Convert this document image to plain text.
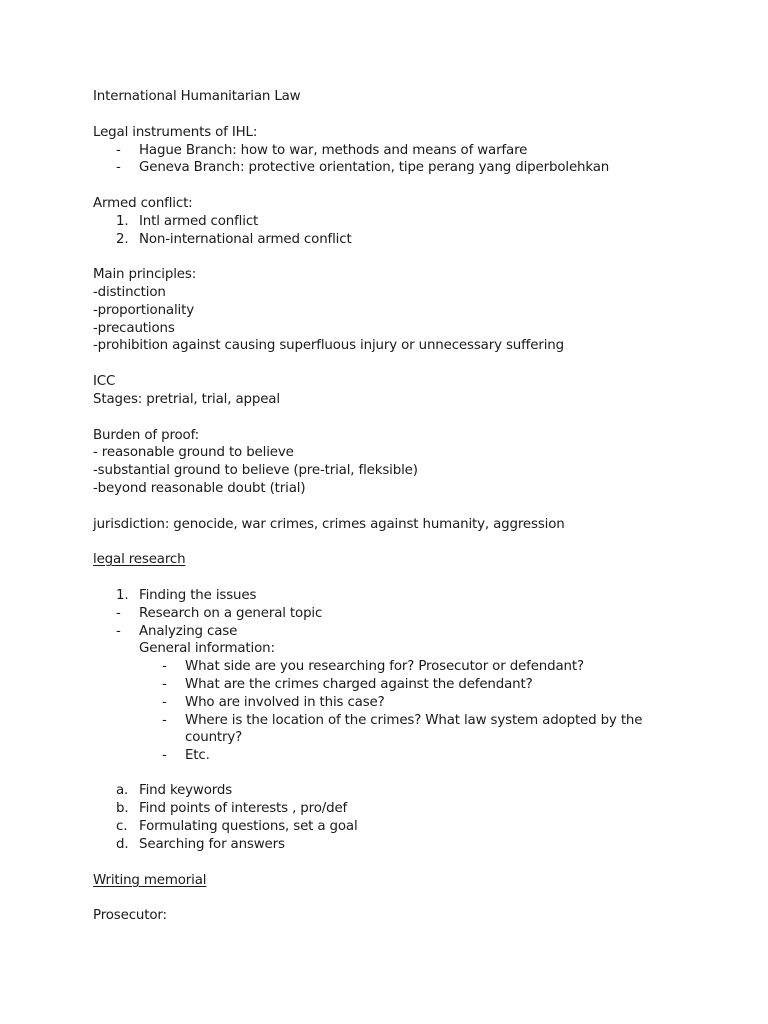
International Humanitarian Law
Legal instruments of IHL:
- Hague Branch: how to war, methods and means of warfare
- Geneva Branch: protective orientation, tipe perang yang diperbolehkan
Armed conflict:
1. Intl armed conflict
2. Non-international armed conflict
Main principles:
-distinction
-proportionality
-precautions
-prohibition against causing superfluous injury or unnecessary suffering
ICC
Stages: pretrial, trial, appeal
Burden of proof:
- reasonable ground to believe
-substantial ground to believe (pre-trial, fleksible)
-beyond reasonable doubt (trial)
jurisdiction: genocide, war crimes, crimes against humanity, aggression
legal research
1. Finding the issues
- Research on a general topic
- Analyzing case
General information:
- What side are you researching for? Prosecutor or defendant?
- What are the crimes charged against the defendant?
- Who are involved in this case?
- Where is the location of the crimes? What law system adopted by the
country?
- Etc.
a. Find keywords
b. Find points of interests , pro/def
c. Formulating questions, set a goal
d. Searching for answers
Writing memorial
Prosecutor:
